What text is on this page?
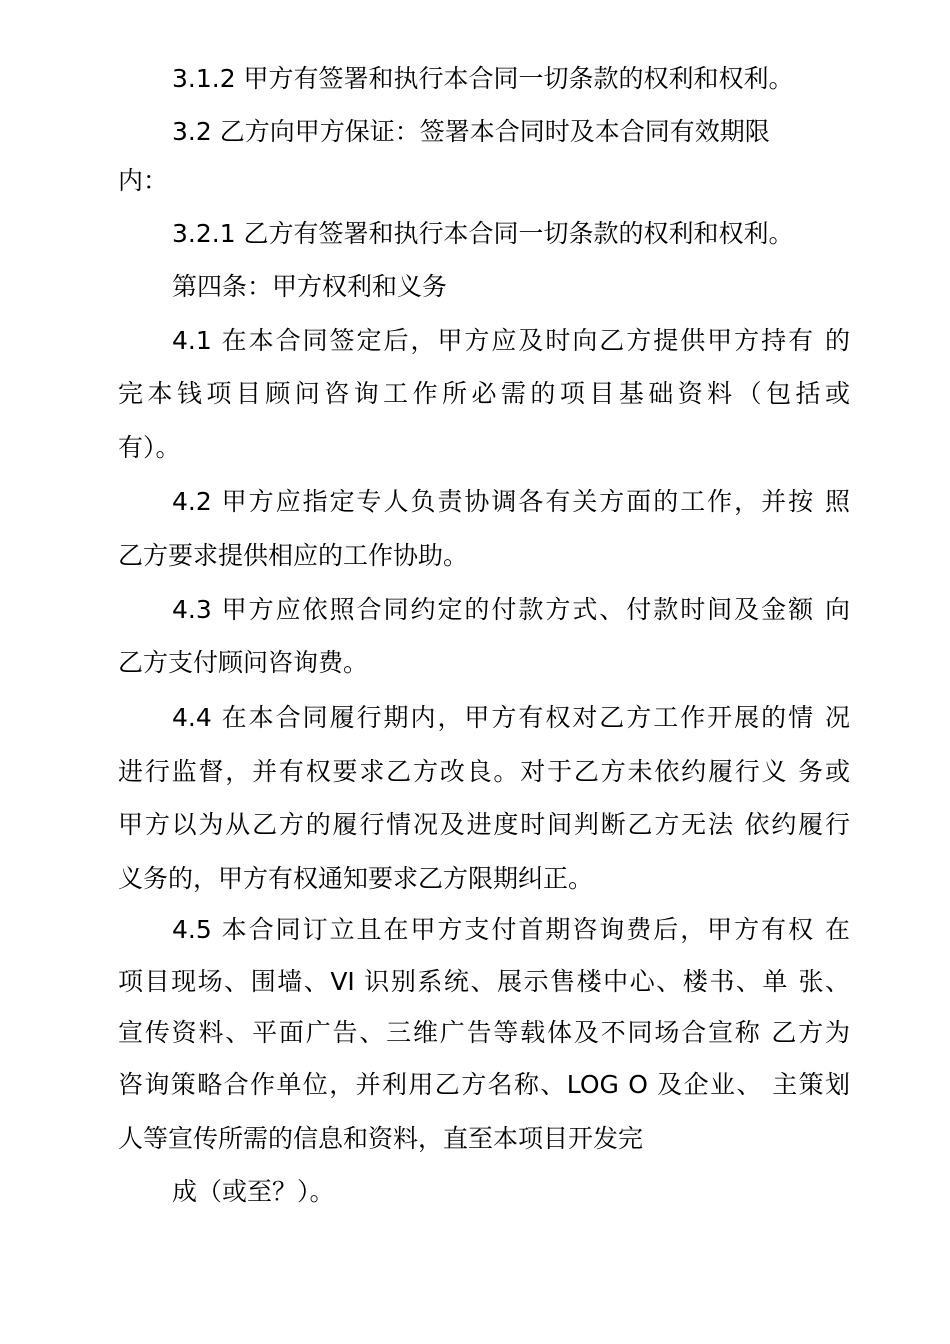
3.1.2 甲方有签署和执行本合同一切条款的权利和权利。
3.2 乙方向甲方保证：签署本合同时及本合同有效期限
内：
3.2.1 乙方有签署和执行本合同一切条款的权利和权利。
第四条：甲方权利和义务
4.1 在本合同签定后，甲方应及时向乙方提供甲方持有 的
完本钱项目顾问咨询工作所必需的项目基础资料（包括或
有）。
4.2 甲方应指定专人负责协调各有关方面的工作，并按 照
乙方要求提供相应的工作协助。
4.3 甲方应依照合同约定的付款方式、付款时间及金额 向
乙方支付顾问咨询费。
4.4 在本合同履行期内，甲方有权对乙方工作开展的情 况
进行监督，并有权要求乙方改良。对于乙方未依约履行义 务或
甲方以为从乙方的履行情况及进度时间判断乙方无法 依约履行
义务的，甲方有权通知要求乙方限期纠正。
4.5 本合同订立且在甲方支付首期咨询费后，甲方有权 在
项目现场、围墙、VI 识别系统、展示售楼中心、楼书、单 张、
宣传资料、平面广告、三维广告等载体及不同场合宣称 乙方为
咨询策略合作单位，并利用乙方名称、LOG O 及企业、 主策划
人等宣传所需的信息和资料，直至本项目开发完
成（或至？）。
